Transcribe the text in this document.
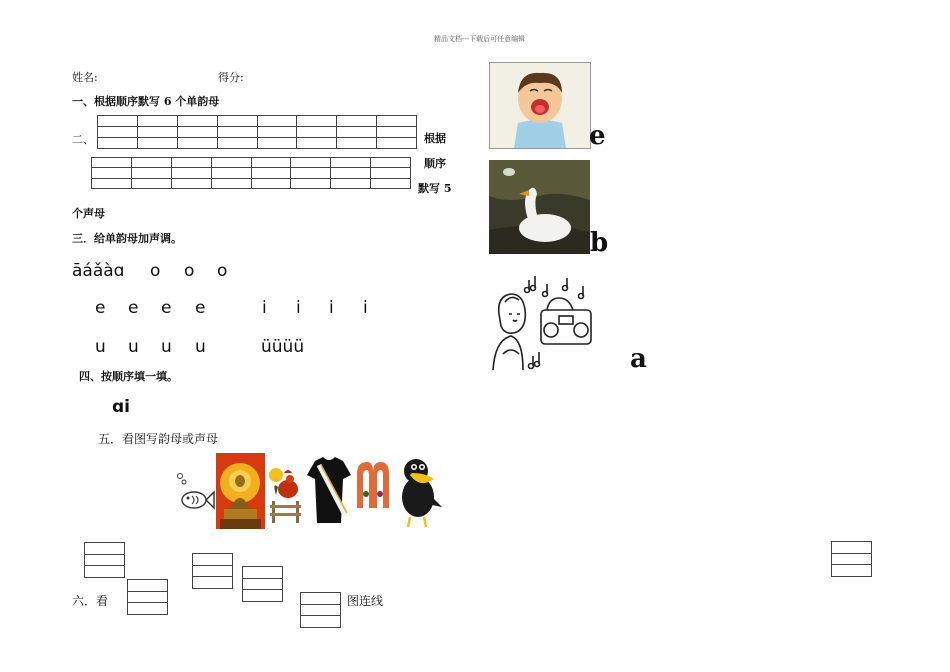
精品文档---下载后可任意编辑
姓名:	得分:
一、根据顺序默写 6 个单韵母
二、

								根据

顺序
默写 5
个声母
三．给单韵母加声调。
āáǎàɑ o o o
e e e e	i i i i
u u u u	üüüü
四、按顺序填一填。
ɑi
五．看图写韵母或声母
六．看	图连线
e
b
a
